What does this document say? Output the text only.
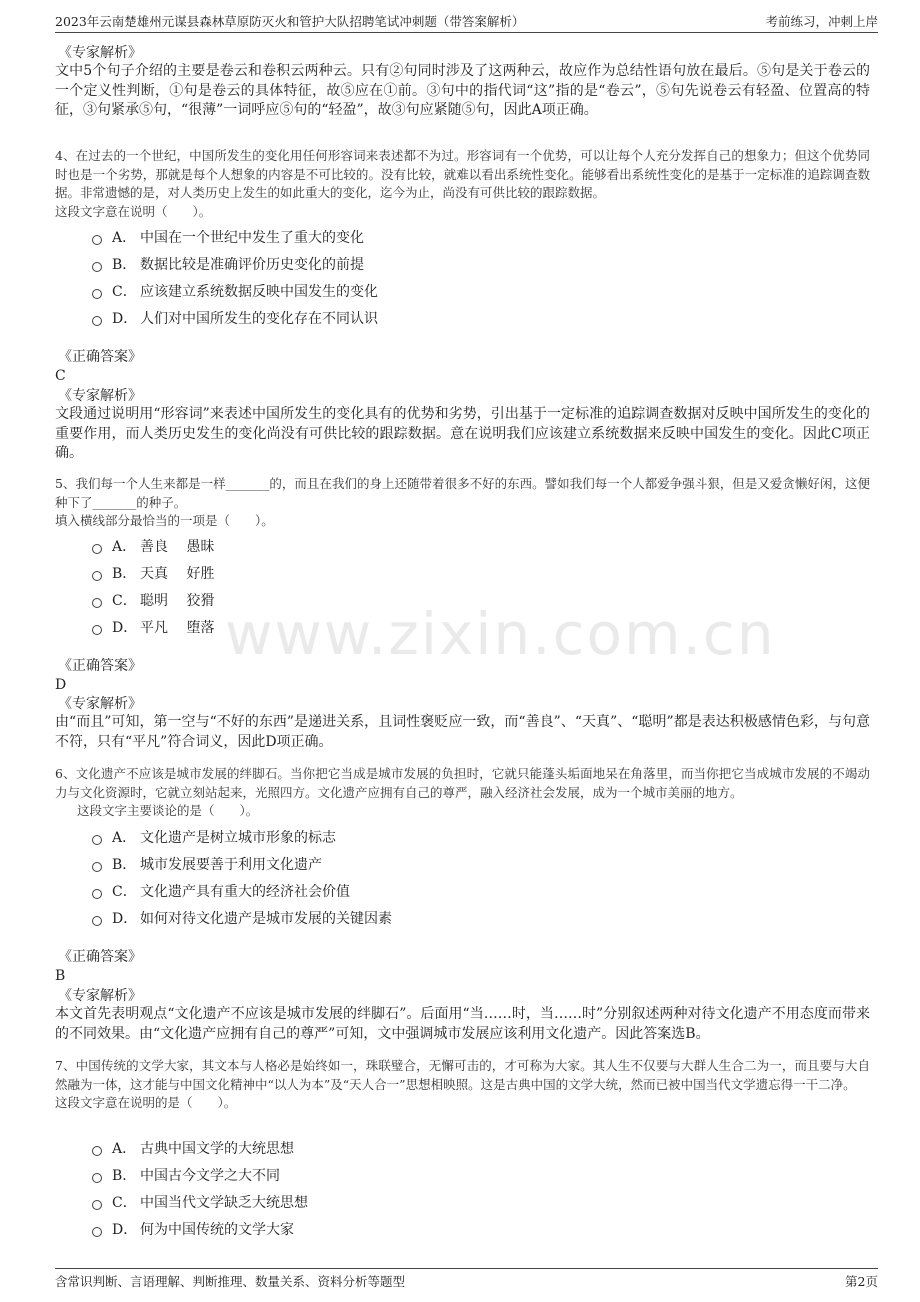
2023年云南楚雄州元谋县森林草原防灭火和管护大队招聘笔试冲刺题（带答案解析）	考前练习，冲刺上岸
www.zixin.com.cn
《专家解析》
文中5个句子介绍的主要是卷云和卷积云两种云。只有②句同时涉及了这两种云，故应作为总结性语句放在最后。⑤句是关于卷云的一个定义性判断，①句是卷云的具体特征，故⑤应在①前。③句中的指代词“这”指的是“卷云”，⑤句先说卷云有轻盈、位置高的特征，③句紧承⑤句，“很薄”一词呼应⑤句的“轻盈”，故③句应紧随⑤句，因此A项正确。
4、在过去的一个世纪，中国所发生的变化用任何形容词来表述都不为过。形容词有一个优势，可以让每个人充分发挥自己的想象力；但这个优势同时也是一个劣势，那就是每个人想象的内容是不可比较的。没有比较，就难以看出系统性变化。能够看出系统性变化的是基于一定标准的追踪调查数据。非常遗憾的是，对人类历史上发生的如此重大的变化，迄今为止，尚没有可供比较的跟踪数据。
这段文字意在说明（　　）。
A． 中国在一个世纪中发生了重大的变化
B． 数据比较是准确评价历史变化的前提
C． 应该建立系统数据反映中国发生的变化
D． 人们对中国所发生的变化存在不同认识
《正确答案》
C
《专家解析》
文段通过说明用“形容词”来表述中国所发生的变化具有的优势和劣势，引出基于一定标准的追踪调查数据对反映中国所发生的变化的重要作用，而人类历史发生的变化尚没有可供比较的跟踪数据。意在说明我们应该建立系统数据来反映中国发生的变化。因此C项正确。
5、我们每一个人生来都是一样_______的，而且在我们的身上还随带着很多不好的东西。譬如我们每一个人都爱争强斗狠，但是又爱贪懒好闲，这便种下了_______的种子。
填入横线部分最恰当的一项是（　　）。
A． 善良　 愚昧
B． 天真　 好胜
C． 聪明　 狡猾
D． 平凡　 堕落
《正确答案》
D
《专家解析》
由“而且”可知，第一空与“不好的东西”是递进关系，且词性褒贬应一致，而“善良”、“天真”、“聪明”都是表达积极感情色彩，与句意不符，只有“平凡”符合词义，因此D项正确。
6、文化遗产不应该是城市发展的绊脚石。当你把它当成是城市发展的负担时，它就只能蓬头垢面地呆在角落里，而当你把它当成城市发展的不竭动力与文化资源时，它就立刻站起来，光照四方。文化遗产应拥有自己的尊严，融入经济社会发展，成为一个城市美丽的地方。
这段文字主要谈论的是（　　）。
A． 文化遗产是树立城市形象的标志
B． 城市发展要善于利用文化遗产
C． 文化遗产具有重大的经济社会价值
D． 如何对待文化遗产是城市发展的关键因素
《正确答案》
B
《专家解析》
本文首先表明观点“文化遗产不应该是城市发展的绊脚石”。后面用“当……时，当……时”分别叙述两种对待文化遗产不用态度而带来的不同效果。由“文化遗产应拥有自己的尊严”可知，文中强调城市发展应该利用文化遗产。因此答案选B。
7、中国传统的文学大家，其文本与人格必是始终如一，珠联璧合，无懈可击的，才可称为大家。其人生不仅要与大群人生合二为一，而且要与大自然融为一体，这才能与中国文化精神中“以人为本”及“天人合一”思想相映照。这是古典中国的文学大统，然而已被中国当代文学遗忘得一干二净。
这段文字意在说明的是（　　）。
A． 古典中国文学的大统思想
B． 中国古今文学之大不同
C． 中国当代文学缺乏大统思想
D． 何为中国传统的文学大家
含常识判断、言语理解、判断推理、数量关系、资料分析等题型	第2页
